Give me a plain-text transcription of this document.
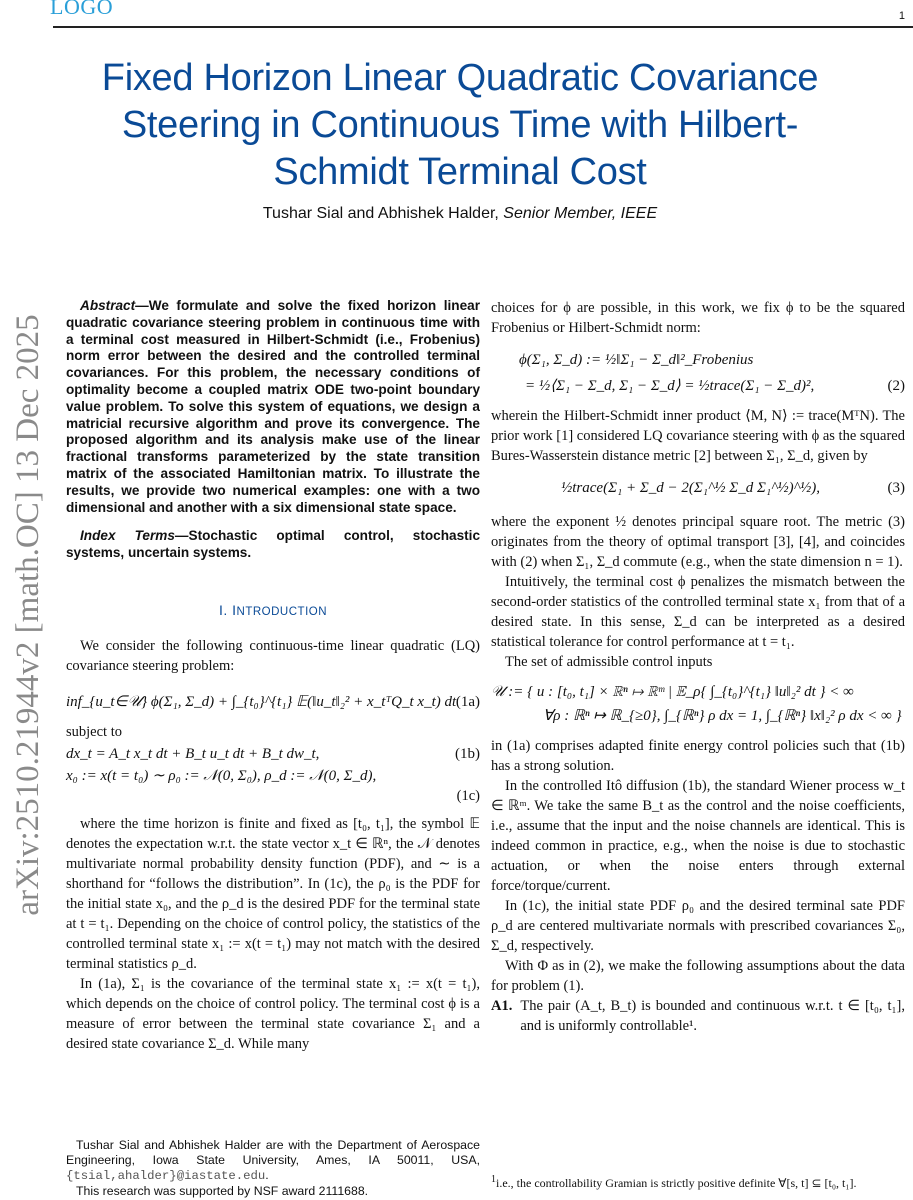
LOGO	1
Fixed Horizon Linear Quadratic Covariance Steering in Continuous Time with Hilbert-Schmidt Terminal Cost
Tushar Sial and Abhishek Halder, Senior Member, IEEE
arXiv:2510.21944v2 [math.OC] 13 Dec 2025

Abstract—We formulate and solve the fixed horizon linear quadratic covariance steering problem in continuous time with a terminal cost measured in Hilbert-Schmidt (i.e., Frobenius) norm error between the desired and the controlled terminal covariances. For this problem, the necessary conditions of optimality become a coupled matrix ODE two-point boundary value problem. To solve this system of equations, we design a matricial recursive algorithm and prove its convergence. The proposed algorithm and its analysis make use of the linear fractional transforms parameterized by the state transition matrix of the associated Hamiltonian matrix. To illustrate the results, we provide two numerical examples: one with a two dimensional and another with a six dimensional state space.

Index Terms—Stochastic optimal control, stochastic systems, uncertain systems.

I. INTRODUCTION

We consider the following continuous-time linear quadratic (LQ) covariance steering problem:

inf_{u_t∈𝒰} ϕ(Σ₁, Σ_d) + ∫_{t₀}^{t₁} 𝔼(‖u_t‖₂² + x_tᵀQ_t x_t) dt (1a)

subject to

dx_t = A_t x_t dt + B_t u_t dt + B_t dw_t,	(1b)
x₀ := x(t = t₀) ∼ ρ₀ := 𝒩(0, Σ₀), ρ_d := 𝒩(0, Σ_d),
(1c)

where the time horizon is finite and fixed as [t₀, t₁], the symbol 𝔼 denotes the expectation w.r.t. the state vector x_t ∈ ℝⁿ, the 𝒩 denotes multivariate normal probability density function (PDF), and ∼ is a shorthand for “follows the distribution”. In (1c), the ρ₀ is the PDF for the initial state x₀, and the ρ_d is the desired PDF for the terminal state at t = t₁. Depending on the choice of control policy, the statistics of the controlled terminal state x₁ := x(t = t₁) may not match with the desired terminal statistics ρ_d.

In (1a), Σ₁ is the covariance of the terminal state x₁ := x(t = t₁), which depends on the choice of control policy. The terminal cost ϕ is a measure of error between the terminal state covariance Σ₁ and a desired state covariance Σ_d. While many

choices for ϕ are possible, in this work, we fix ϕ to be the squared Frobenius or Hilbert-Schmidt norm:

ϕ(Σ₁, Σ_d) := ½‖Σ₁ − Σ_d‖²_Frobenius
= ½⟨Σ₁ − Σ_d, Σ₁ − Σ_d⟩ = ½trace(Σ₁ − Σ_d)²,	(2)

wherein the Hilbert-Schmidt inner product ⟨M, N⟩ := trace(MᵀN). The prior work [1] considered LQ covariance steering with ϕ as the squared Bures-Wasserstein distance metric [2] between Σ₁, Σ_d, given by

½trace(Σ₁ + Σ_d − 2(Σ₁^½ Σ_d Σ₁^½)^½),	(3)

where the exponent ½ denotes principal square root. The metric (3) originates from the theory of optimal transport [3], [4], and coincides with (2) when Σ₁, Σ_d commute (e.g., when the state dimension n = 1).

Intuitively, the terminal cost ϕ penalizes the mismatch between the second-order statistics of the controlled terminal state x₁ from that of a desired state. In this sense, Σ_d can be interpreted as a desired statistical tolerance for control performance at t = t₁.

The set of admissible control inputs

𝒰 := { u : [t₀, t₁] × ℝⁿ ↦ ℝᵐ | 𝔼_ρ{ ∫_{t₀}^{t₁} ‖u‖₂² dt } < ∞
∀ρ : ℝⁿ ↦ ℝ_{≥0}, ∫_{ℝⁿ} ρ dx = 1, ∫_{ℝⁿ} ‖x‖₂² ρ dx < ∞ }

in (1a) comprises adapted finite energy control policies such that (1b) has a strong solution.

In the controlled Itô diffusion (1b), the standard Wiener process w_t ∈ ℝᵐ. We take the same B_t as the control and the noise coefficients, i.e., assume that the input and the noise channels are identical. This is indeed common in practice, e.g., when the noise is due to stochastic actuation, or when the noise enters through external force/torque/current.

In (1c), the initial state PDF ρ₀ and the desired terminal sate PDF ρ_d are centered multivariate normals with prescribed covariances Σ₀, Σ_d, respectively.

With Φ as in (2), we make the following assumptions about the data for problem (1).

A1. The pair (A_t, B_t) is bounded and continuous w.r.t. t ∈ [t₀, t₁], and is uniformly controllable¹.
Tushar Sial and Abhishek Halder are with the Department of Aerospace Engineering, Iowa State University, Ames, IA 50011, USA, {tsial,ahalder}@iastate.edu.
This research was supported by NSF award 2111688.
$^1$i.e., the controllability Gramian is strictly positive definite ∀[s, t] ⊆ [t₀, t₁].
